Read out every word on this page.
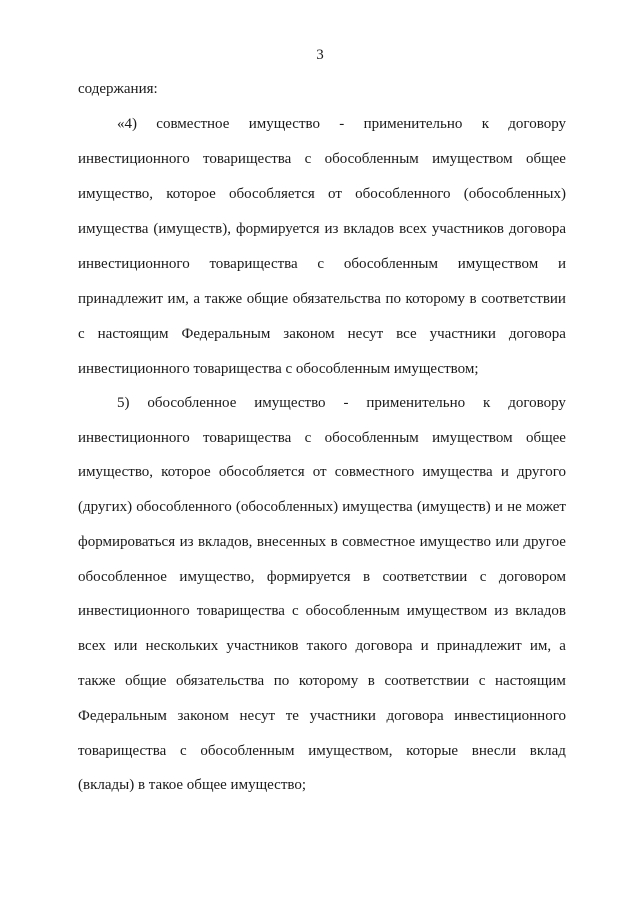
3
содержания:
«4) совместное имущество - применительно к договору
инвестиционного товарищества с обособленным имуществом общее
имущество, которое обособляется от обособленного (обособленных)
имущества (имуществ), формируется из вкладов всех участников договора
инвестиционного товарищества с обособленным имуществом и
принадлежит им, а также общие обязательства по которому в соответствии
с настоящим Федеральным законом несут все участники договора
инвестиционного товарищества с обособленным имуществом;
5) обособленное имущество - применительно к договору
инвестиционного товарищества с обособленным имуществом общее
имущество, которое обособляется от совместного имущества и другого
(других) обособленного (обособленных) имущества (имуществ) и не может
формироваться из вкладов, внесенных в совместное имущество или другое
обособленное имущество, формируется в соответствии с договором
инвестиционного товарищества с обособленным имуществом из вкладов
всех или нескольких участников такого договора и принадлежит им, а
также общие обязательства по которому в соответствии с настоящим
Федеральным законом несут те участники договора инвестиционного
товарищества с обособленным имуществом, которые внесли вклад
(вклады) в такое общее имущество;
